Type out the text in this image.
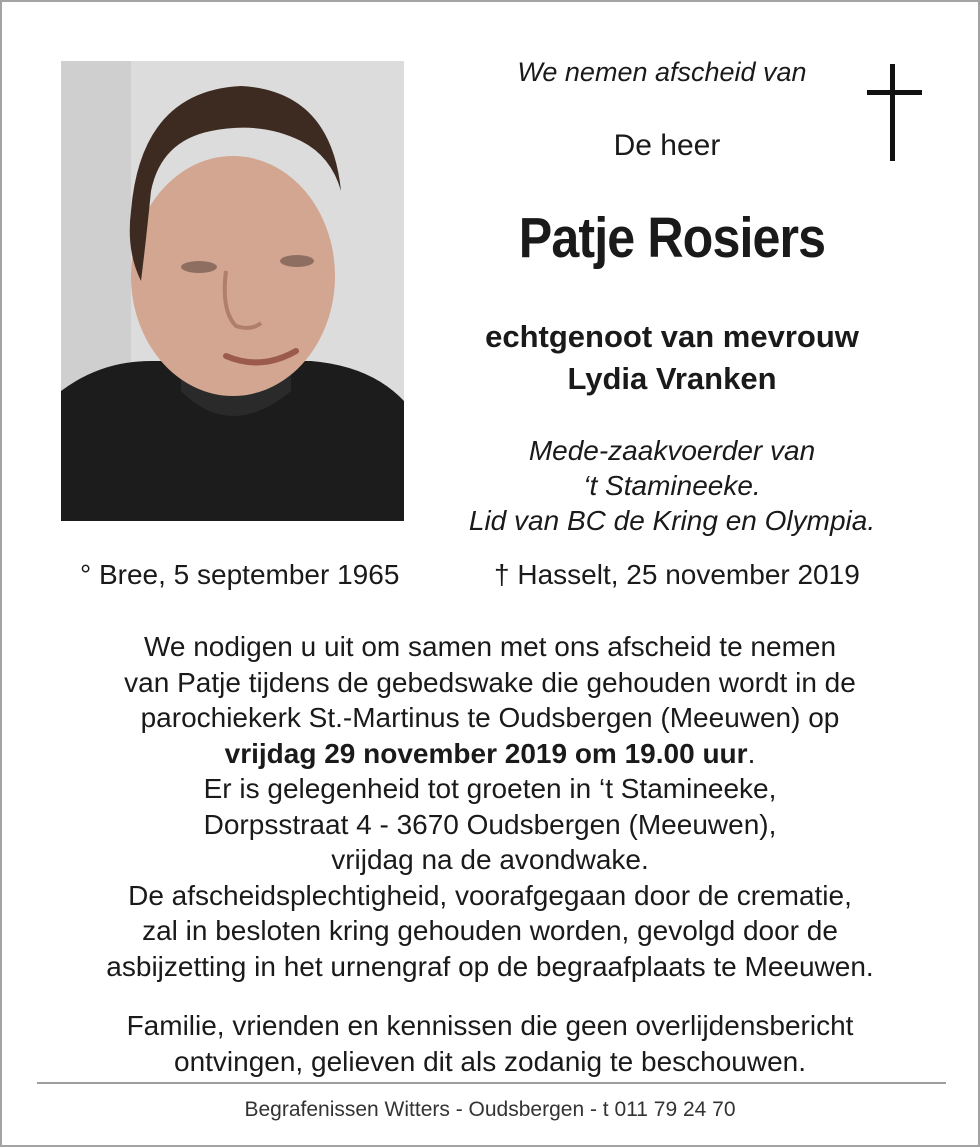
We nemen afscheid van
De heer
Patje Rosiers
echtgenoot van mevrouw
Lydia Vranken
Mede-zaakvoerder van
‘t Stamineeke.
Lid van BC de Kring en Olympia.
° Bree, 5 september 1965	† Hasselt, 25 november 2019
We nodigen u uit om samen met ons afscheid te nemen
van Patje tijdens de gebedswake die gehouden wordt in de
parochiekerk St.-Martinus te Oudsbergen (Meeuwen) op
vrijdag 29 november 2019 om 19.00 uur.
Er is gelegenheid tot groeten in ‘t Stamineeke,
Dorpsstraat 4 - 3670 Oudsbergen (Meeuwen),
vrijdag na de avondwake.
De afscheidsplechtigheid, voorafgegaan door de crematie,
zal in besloten kring gehouden worden, gevolgd door de
asbijzetting in het urnengraf op de begraafplaats te Meeuwen.
Familie, vrienden en kennissen die geen overlijdensbericht
ontvingen, gelieven dit als zodanig te beschouwen.
Begrafenissen Witters - Oudsbergen - t 011 79 24 70
